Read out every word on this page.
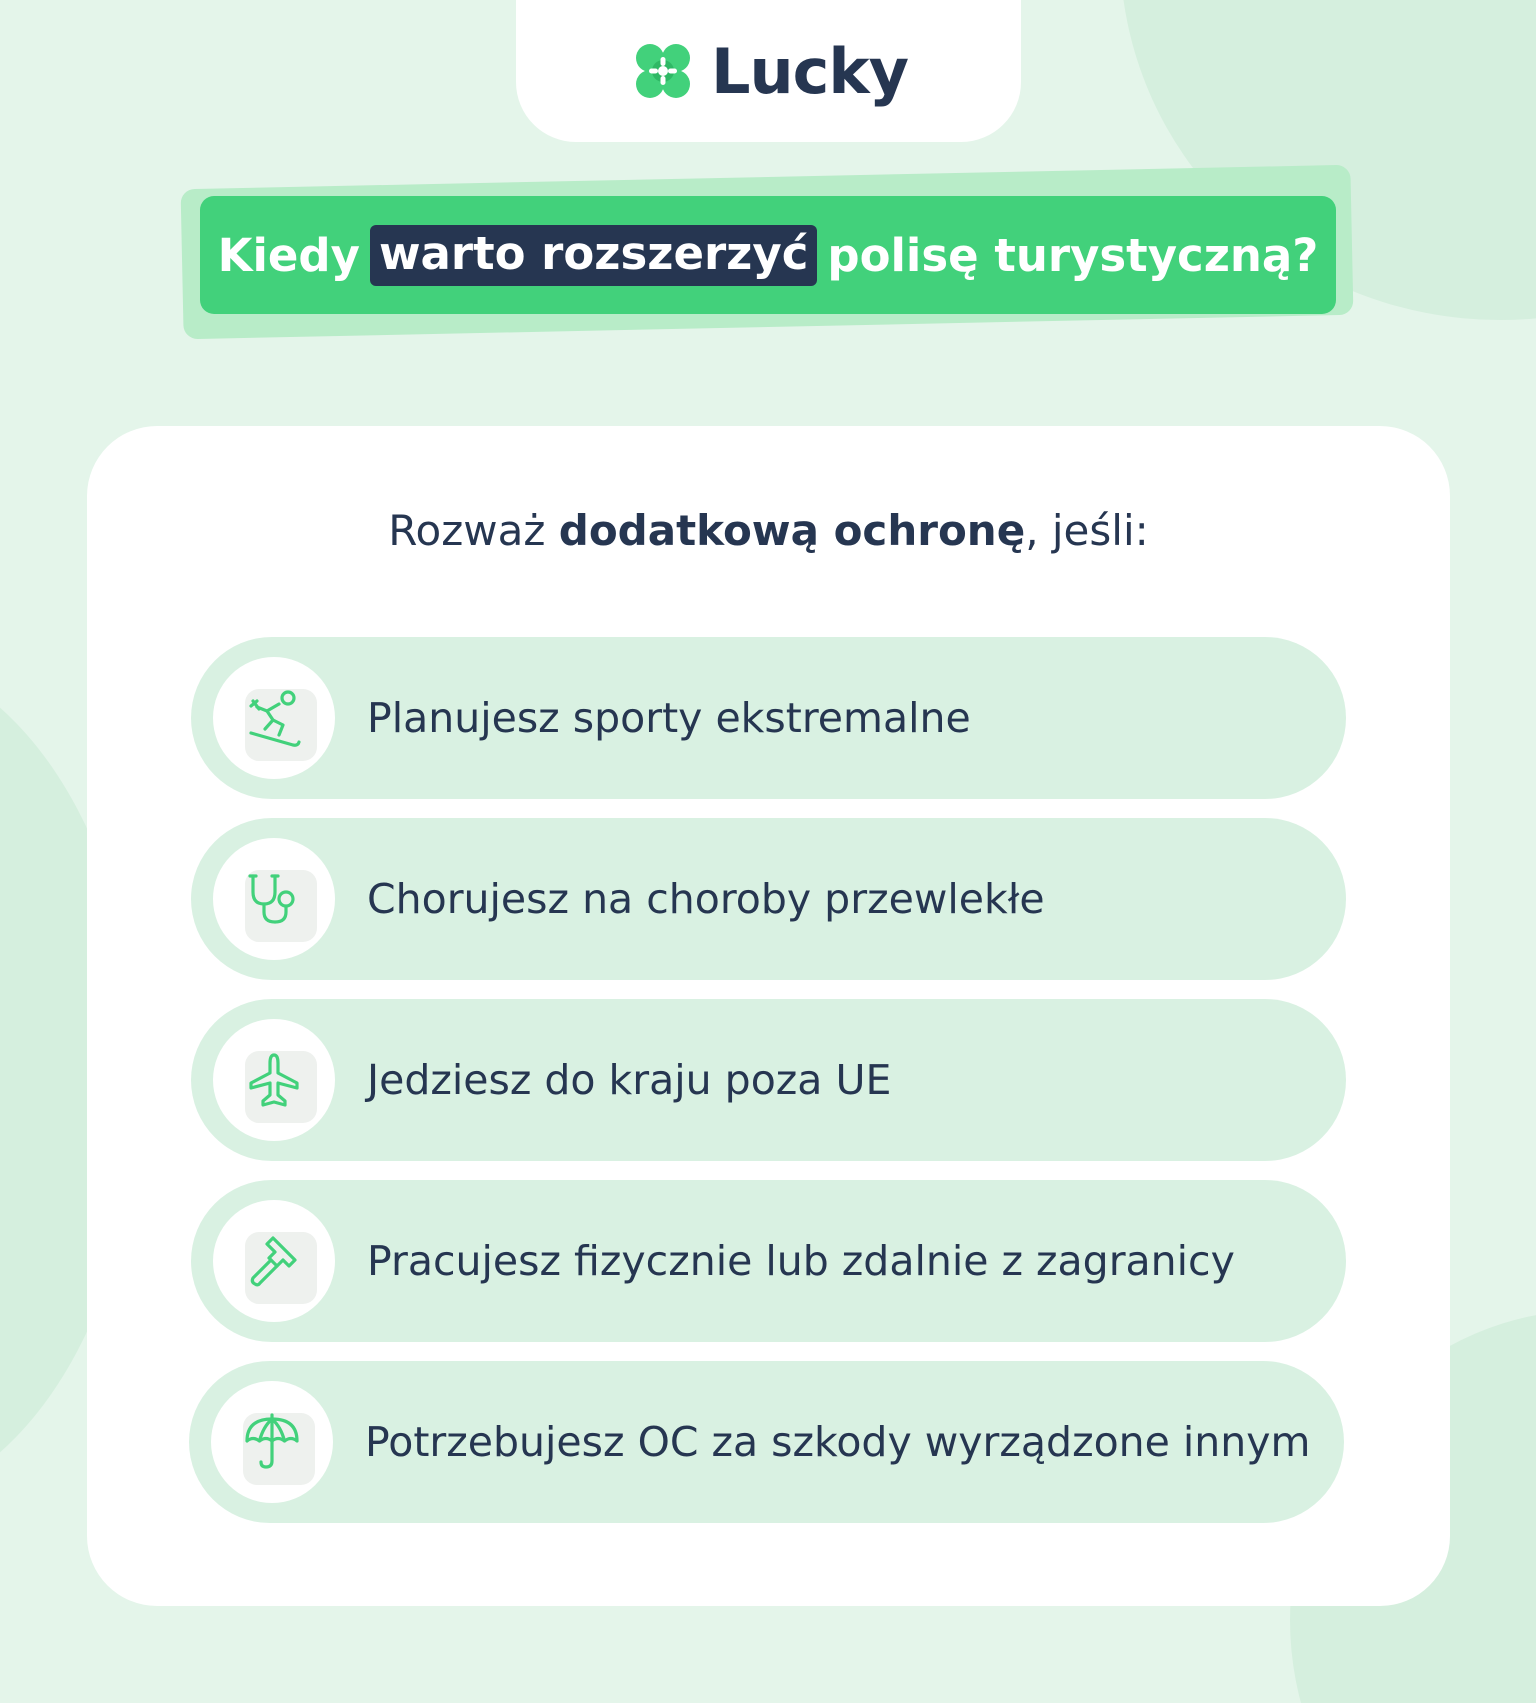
Lucky
Kiedy warto rozszerzyć polisę turystyczną?
Rozważ dodatkową ochronę, jeśli:
Planujesz sporty ekstremalne
Chorujesz na choroby przewlekłe
Jedziesz do kraju poza UE
Pracujesz fizycznie lub zdalnie z zagranicy
Potrzebujesz OC za szkody wyrządzone innym
